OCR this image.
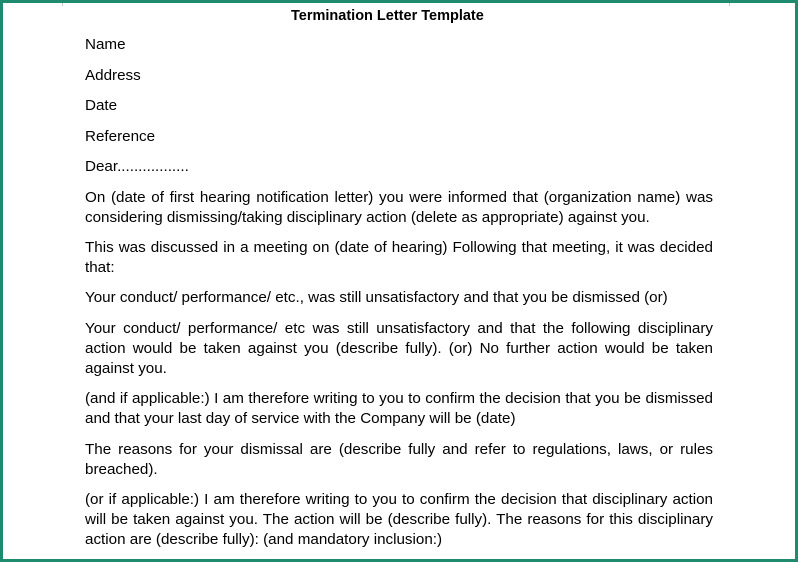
Termination Letter Template
Name
Address
Date
Reference
Dear.................
On (date of first hearing notification letter) you were informed that (organization name) was considering dismissing/taking disciplinary action (delete as appropriate) against you.
This was discussed in a meeting on (date of hearing) Following that meeting, it was decided that:
Your conduct/ performance/ etc., was still unsatisfactory and that you be dismissed (or)
Your conduct/ performance/ etc was still unsatisfactory and that the following disciplinary action would be taken against you (describe fully). (or) No further action would be taken against you.
(and if applicable:) I am therefore writing to you to confirm the decision that you be dismissed and that your last day of service with the Company will be (date)
The reasons for your dismissal are (describe fully and refer to regulations, laws, or rules breached).
(or if applicable:) I am therefore writing to you to confirm the decision that disciplinary action will be taken against you. The action will be (describe fully). The reasons for this disciplinary action are (describe fully): (and mandatory inclusion:)
